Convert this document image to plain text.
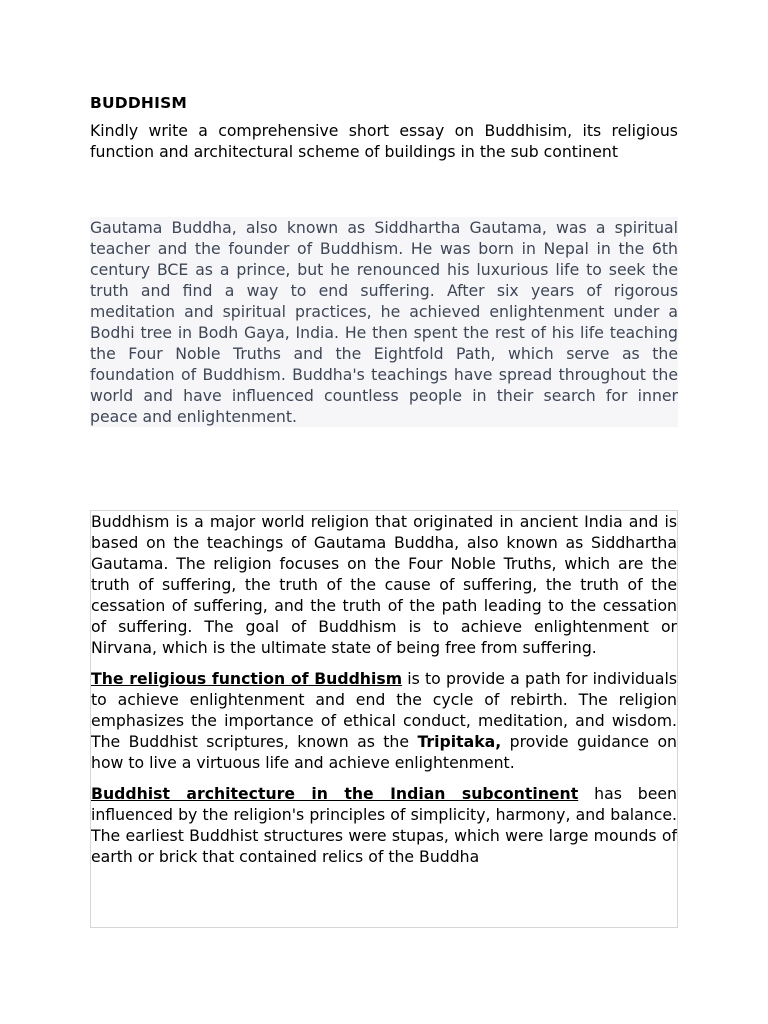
BUDDHISM
Kindly write a comprehensive short essay on Buddhisim, its religious function and architectural scheme of buildings in the sub continent
Gautama Buddha, also known as Siddhartha Gautama, was a spiritual teacher and the founder of Buddhism. He was born in Nepal in the 6th century BCE as a prince, but he renounced his luxurious life to seek the truth and find a way to end suffering. After six years of rigorous meditation and spiritual practices, he achieved enlightenment under a Bodhi tree in Bodh Gaya, India. He then spent the rest of his life teaching the Four Noble Truths and the Eightfold Path, which serve as the foundation of Buddhism. Buddha's teachings have spread throughout the world and have influenced countless people in their search for inner peace and enlightenment.

Buddhism is a major world religion that originated in ancient India and is based on the teachings of Gautama Buddha, also known as Siddhartha Gautama. The religion focuses on the Four Noble Truths, which are the truth of suffering, the truth of the cause of suffering, the truth of the cessation of suffering, and the truth of the path leading to the cessation of suffering. The goal of Buddhism is to achieve enlightenment or Nirvana, which is the ultimate state of being free from suffering.

The religious function of Buddhism is to provide a path for individuals to achieve enlightenment and end the cycle of rebirth. The religion emphasizes the importance of ethical conduct, meditation, and wisdom. The Buddhist scriptures, known as the Tripitaka, provide guidance on how to live a virtuous life and achieve enlightenment.

Buddhist architecture in the Indian subcontinent has been influenced by the religion's principles of simplicity, harmony, and balance. The earliest Buddhist structures were stupas, which were large mounds of earth or brick that contained relics of the Buddha
